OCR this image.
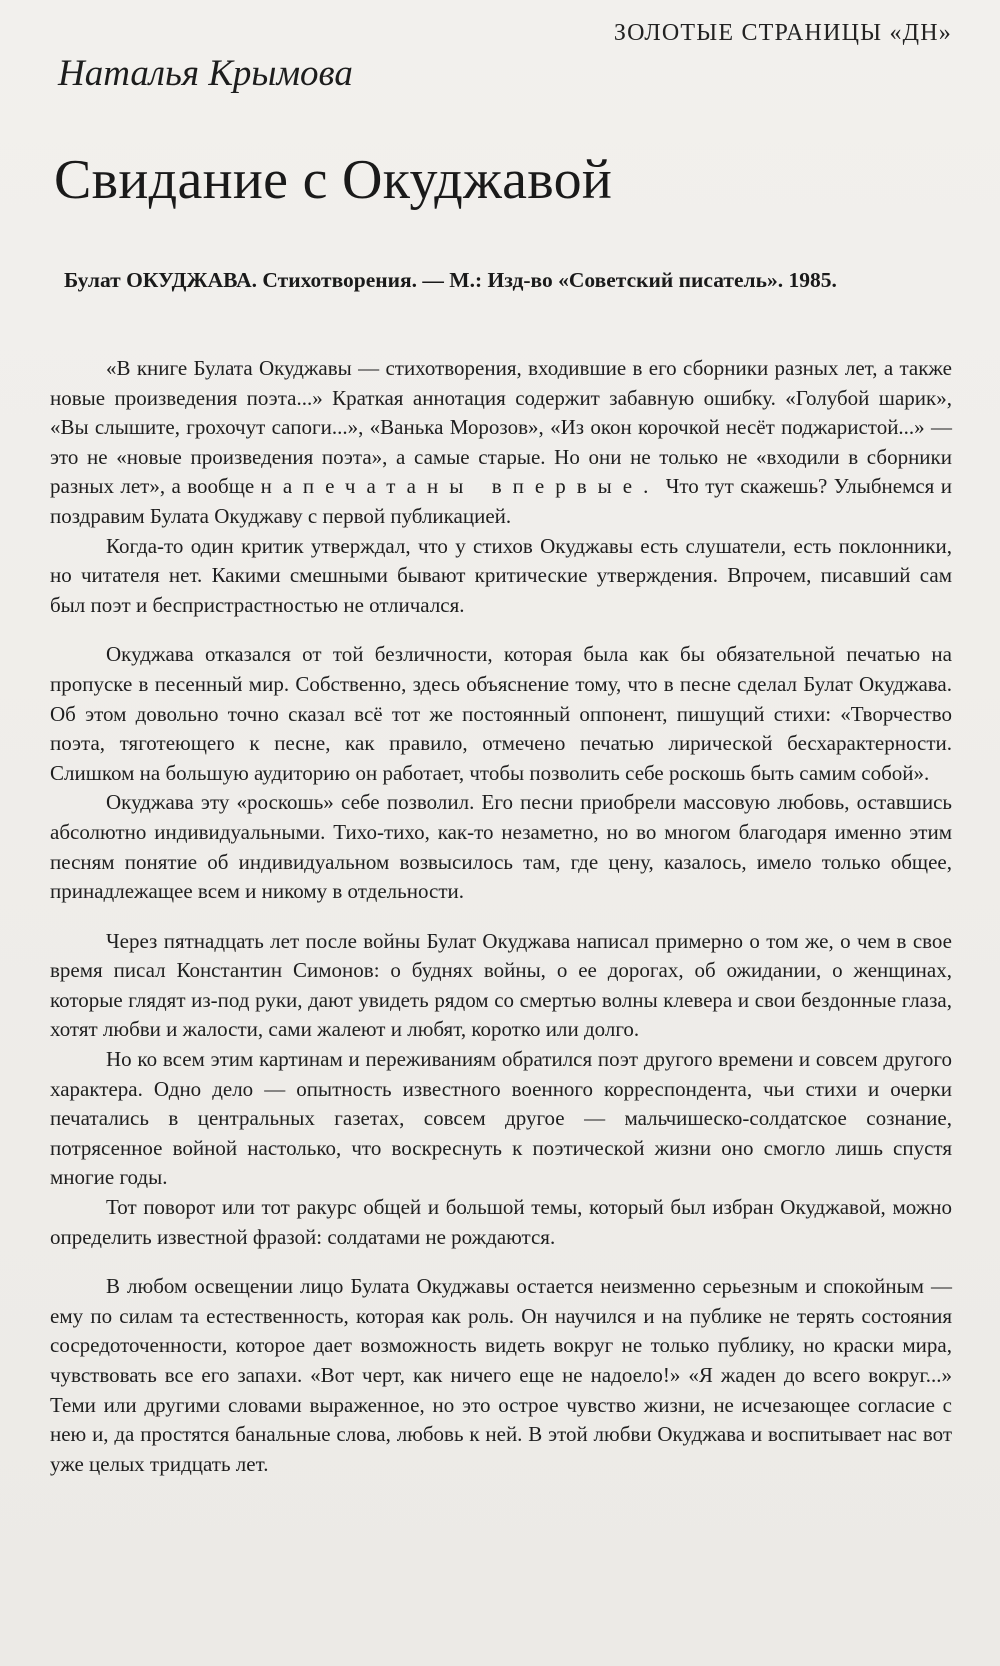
ЗОЛОТЫЕ СТРАНИЦЫ «ДН»
Наталья Крымова
Свидание с Окуджавой
Булат ОКУДЖАВА. Стихотворения. — М.: Изд-во «Советский писатель». 1985.

«В книге Булата Окуджавы — стихотворения, входившие в его сборники разных лет, а также новые произведения поэта...» Краткая аннотация содержит забавную ошибку. «Голубой шарик», «Вы слышите, грохочут сапоги...», «Ванька Морозов», «Из окон корочкой несёт поджаристой...» — это не «новые произведения поэта», а самые старые. Но они не только не «входили в сборники разных лет», а вообще напечатаны впервые. Что тут скажешь? Улыбнемся и поздравим Булата Окуджаву с первой публикацией.

Когда-то один критик утверждал, что у стихов Окуджавы есть слушатели, есть поклонники, но читателя нет. Какими смешными бывают критические утверждения. Впрочем, писавший сам был поэт и беспристрастностью не отличался.

Окуджава отказался от той безличности, которая была как бы обязательной печатью на пропуске в песенный мир. Собственно, здесь объяснение тому, что в песне сделал Булат Окуджава. Об этом довольно точно сказал всё тот же постоянный оппонент, пишущий стихи: «Творчество поэта, тяготеющего к песне, как правило, отмечено печатью лирической бесхарактерности. Слишком на большую аудиторию он работает, чтобы позволить себе роскошь быть самим собой».

Окуджава эту «роскошь» себе позволил. Его песни приобрели массовую любовь, оставшись абсолютно индивидуальными. Тихо-тихо, как-то незаметно, но во многом благодаря именно этим песням понятие об индивидуальном возвысилось там, где цену, казалось, имело только общее, принадлежащее всем и никому в отдельности.

Через пятнадцать лет после войны Булат Окуджава написал примерно о том же, о чем в свое время писал Константин Симонов: о буднях войны, о ее дорогах, об ожидании, о женщинах, которые глядят из-под руки, дают увидеть рядом со смертью волны клевера и свои бездонные глаза, хотят любви и жалости, сами жалеют и любят, коротко или долго.

Но ко всем этим картинам и переживаниям обратился поэт другого времени и совсем другого характера. Одно дело — опытность известного военного корреспондента, чьи стихи и очерки печатались в центральных газетах, совсем другое — мальчишеско-солдатское сознание, потрясенное войной настолько, что воскреснуть к поэтической жизни оно смогло лишь спустя многие годы.

Тот поворот или тот ракурс общей и большой темы, который был избран Окуджавой, можно определить известной фразой: солдатами не рождаются.

В любом освещении лицо Булата Окуджавы остается неизменно серьезным и спокойным — ему по силам та естественность, которая как роль. Он научился и на публике не терять состояния сосредоточенности, которое дает возможность видеть вокруг не только публику, но краски мира, чувствовать все его запахи. «Вот черт, как ничего еще не надоело!» «Я жаден до всего вокруг...» Теми или другими словами выраженное, но это острое чувство жизни, не исчезающее согласие с нею и, да простятся банальные слова, любовь к ней. В этой любви Окуджава и воспитывает нас вот уже целых тридцать лет.
